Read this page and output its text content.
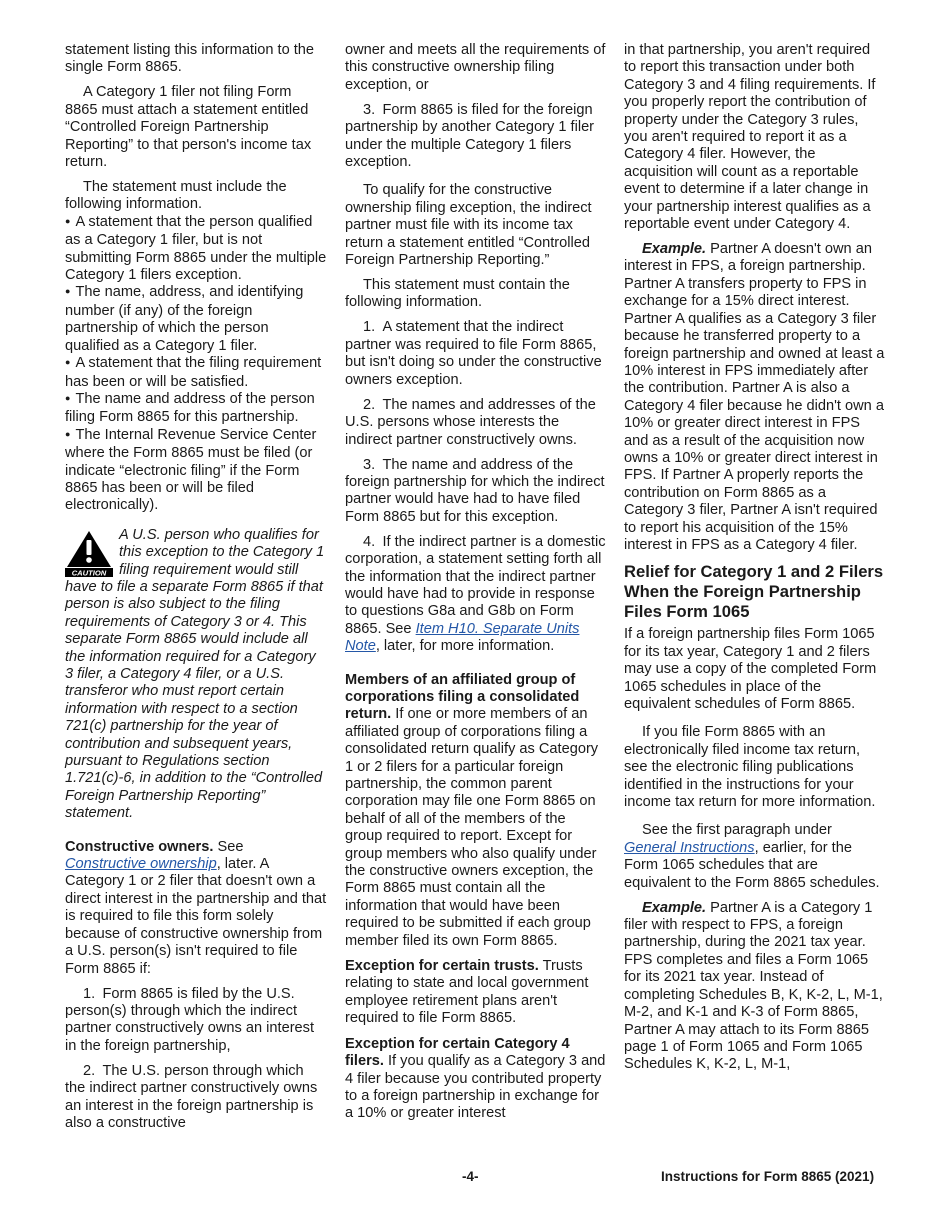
statement listing this information to the single Form 8865.

A Category 1 filer not filing Form 8865 must attach a statement entitled “Controlled Foreign Partnership Reporting” to that person's income tax return.

The statement must include the following information.

● A statement that the person qualified as a Category 1 filer, but is not submitting Form 8865 under the multiple Category 1 filers exception.

● The name, address, and identifying number (if any) of the foreign partnership of which the person qualified as a Category 1 filer.

● A statement that the filing requirement has been or will be satisfied.

● The name and address of the person filing Form 8865 for this partnership.

● The Internal Revenue Service Center where the Form 8865 must be filed (or indicate “electronic filing” if the Form 8865 has been or will be filed electronically).

CAUTION
A U.S. person who qualifies for this exception to the Category 1 filing requirement would still have to file a separate Form 8865 if that person is also subject to the filing requirements of Category 3 or 4. This separate Form 8865 would include all the information required for a Category 3 filer, a Category 4 filer, or a U.S. transferor who must report certain information with respect to a section 721(c) partnership for the year of contribution and subsequent years, pursuant to Regulations section 1.721(c)-6, in addition to the “Controlled Foreign Partnership Reporting” statement.

Constructive owners. See Constructive ownership, later. A Category 1 or 2 filer that doesn't own a direct interest in the partnership and that is required to file this form solely because of constructive ownership from a U.S. person(s) isn't required to file Form 8865 if:

1. Form 8865 is filed by the U.S. person(s) through which the indirect partner constructively owns an interest in the foreign partnership,

2. The U.S. person through which the indirect partner constructively owns an interest in the foreign partnership is also a constructive

owner and meets all the requirements of this constructive ownership filing exception, or

3. Form 8865 is filed for the foreign partnership by another Category 1 filer under the multiple Category 1 filers exception.

To qualify for the constructive ownership filing exception, the indirect partner must file with its income tax return a statement entitled “Controlled Foreign Partnership Reporting.”

This statement must contain the following information.

1. A statement that the indirect partner was required to file Form 8865, but isn't doing so under the constructive owners exception.

2. The names and addresses of the U.S. persons whose interests the indirect partner constructively owns.

3. The name and address of the foreign partnership for which the indirect partner would have had to have filed Form 8865 but for this exception.

4. If the indirect partner is a domestic corporation, a statement setting forth all the information that the indirect partner would have had to provide in response to questions G8a and G8b on Form 8865. See Item H10. Separate Units Note, later, for more information.

Members of an affiliated group of corporations filing a consolidated return. If one or more members of an affiliated group of corporations filing a consolidated return qualify as Category 1 or 2 filers for a particular foreign partnership, the common parent corporation may file one Form 8865 on behalf of all of the members of the group required to report. Except for group members who also qualify under the constructive owners exception, the Form 8865 must contain all the information that would have been required to be submitted if each group member filed its own Form 8865.

Exception for certain trusts. Trusts relating to state and local government employee retirement plans aren't required to file Form 8865.

Exception for certain Category 4 filers. If you qualify as a Category 3 and 4 filer because you contributed property to a foreign partnership in exchange for a 10% or greater interest

in that partnership, you aren't required to report this transaction under both Category 3 and 4 filing requirements. If you properly report the contribution of property under the Category 3 rules, you aren't required to report it as a Category 4 filer. However, the acquisition will count as a reportable event to determine if a later change in your partnership interest qualifies as a reportable event under Category 4.

Example. Partner A doesn't own an interest in FPS, a foreign partnership. Partner A transfers property to FPS in exchange for a 15% direct interest. Partner A qualifies as a Category 3 filer because he transferred property to a foreign partnership and owned at least a 10% interest in FPS immediately after the contribution. Partner A is also a Category 4 filer because he didn't own a 10% or greater direct interest in FPS and as a result of the acquisition now owns a 10% or greater direct interest in FPS. If Partner A properly reports the contribution on Form 8865 as a Category 3 filer, Partner A isn't required to report his acquisition of the 15% interest in FPS as a Category 4 filer.

Relief for Category 1 and 2 Filers When the Foreign Partnership Files Form 1065

If a foreign partnership files Form 1065 for its tax year, Category 1 and 2 filers may use a copy of the completed Form 1065 schedules in place of the equivalent schedules of Form 8865.

If you file Form 8865 with an electronically filed income tax return, see the electronic filing publications identified in the instructions for your income tax return for more information.

See the first paragraph under General Instructions, earlier, for the Form 1065 schedules that are equivalent to the Form 8865 schedules.

Example. Partner A is a Category 1 filer with respect to FPS, a foreign partnership, during the 2021 tax year. FPS completes and files a Form 1065 for its 2021 tax year. Instead of completing Schedules B, K, K-2, L, M-1, M-2, and K-1 and K-3 of Form 8865, Partner A may attach to its Form 8865 page 1 of Form 1065 and Form 1065 Schedules K, K-2, L, M-1,

-4-	Instructions for Form 8865 (2021)
